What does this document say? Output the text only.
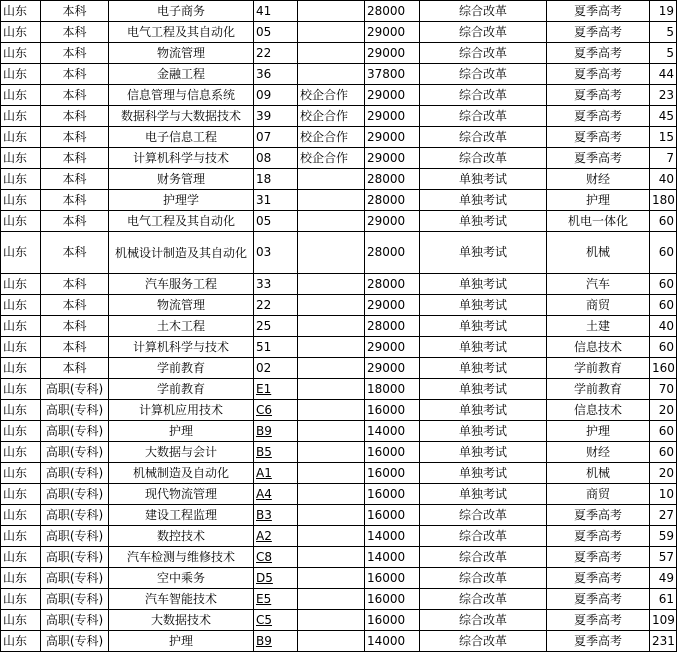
山东	本科	电子商务	41		28000	综合改革	夏季高考	19
山东	本科	电气工程及其自动化	05		29000	综合改革	夏季高考	5
山东	本科	物流管理	22		29000	综合改革	夏季高考	5
山东	本科	金融工程	36		37800	综合改革	夏季高考	44
山东	本科	信息管理与信息系统	09	校企合作	29000	综合改革	夏季高考	23
山东	本科	数据科学与大数据技术	39	校企合作	29000	综合改革	夏季高考	45
山东	本科	电子信息工程	07	校企合作	29000	综合改革	夏季高考	15
山东	本科	计算机科学与技术	08	校企合作	29000	综合改革	夏季高考	7
山东	本科	财务管理	18		28000	单独考试	财经	40
山东	本科	护理学	31		28000	单独考试	护理	180
山东	本科	电气工程及其自动化	05		29000	单独考试	机电一体化	60
山东	本科	机械设计制造及其自动化	03		28000	单独考试	机械	60
山东	本科	汽车服务工程	33		28000	单独考试	汽车	60
山东	本科	物流管理	22		29000	单独考试	商贸	60
山东	本科	土木工程	25		28000	单独考试	土建	40
山东	本科	计算机科学与技术	51		29000	单独考试	信息技术	60
山东	本科	学前教育	02		29000	单独考试	学前教育	160
山东	高职(专科)	学前教育	E1		18000	单独考试	学前教育	70
山东	高职(专科)	计算机应用技术	C6		16000	单独考试	信息技术	20
山东	高职(专科)	护理	B9		14000	单独考试	护理	60
山东	高职(专科)	大数据与会计	B5		16000	单独考试	财经	60
山东	高职(专科)	机械制造及自动化	A1		16000	单独考试	机械	20
山东	高职(专科)	现代物流管理	A4		16000	单独考试	商贸	10
山东	高职(专科)	建设工程监理	B3		16000	综合改革	夏季高考	27
山东	高职(专科)	数控技术	A2		14000	综合改革	夏季高考	59
山东	高职(专科)	汽车检测与维修技术	C8		14000	综合改革	夏季高考	57
山东	高职(专科)	空中乘务	D5		16000	综合改革	夏季高考	49
山东	高职(专科)	汽车智能技术	E5		16000	综合改革	夏季高考	61
山东	高职(专科)	大数据技术	C5		16000	综合改革	夏季高考	109
山东	高职(专科)	护理	B9		14000	综合改革	夏季高考	231
